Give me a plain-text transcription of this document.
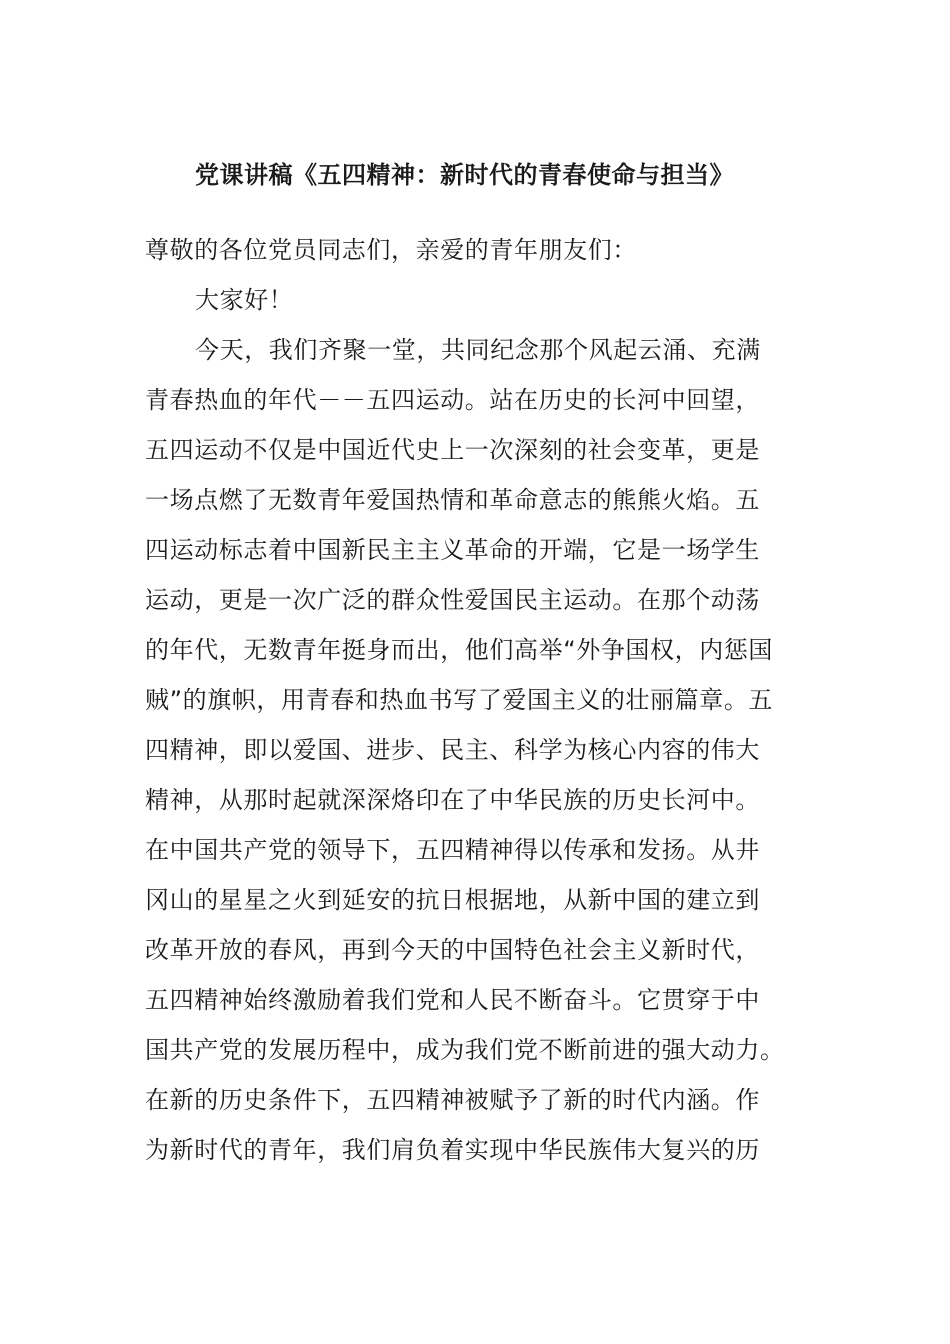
党课讲稿《五四精神：新时代的青春使命与担当》
尊敬的各位党员同志们，亲爱的青年朋友们：
大家好！
今天，我们齐聚一堂，共同纪念那个风起云涌、充满
青春热血的年代－－五四运动。站在历史的长河中回望，
五四运动不仅是中国近代史上一次深刻的社会变革，更是
一场点燃了无数青年爱国热情和革命意志的熊熊火焰。五
四运动标志着中国新民主主义革命的开端，它是一场学生
运动，更是一次广泛的群众性爱国民主运动。在那个动荡
的年代，无数青年挺身而出，他们高举“外争国权，内惩国
贼”的旗帜，用青春和热血书写了爱国主义的壮丽篇章。五
四精神，即以爱国、进步、民主、科学为核心内容的伟大
精神，从那时起就深深烙印在了中华民族的历史长河中。
在中国共产党的领导下，五四精神得以传承和发扬。从井
冈山的星星之火到延安的抗日根据地，从新中国的建立到
改革开放的春风，再到今天的中国特色社会主义新时代，
五四精神始终激励着我们党和人民不断奋斗。它贯穿于中
国共产党的发展历程中，成为我们党不断前进的强大动力。
在新的历史条件下，五四精神被赋予了新的时代内涵。作
为新时代的青年，我们肩负着实现中华民族伟大复兴的历
